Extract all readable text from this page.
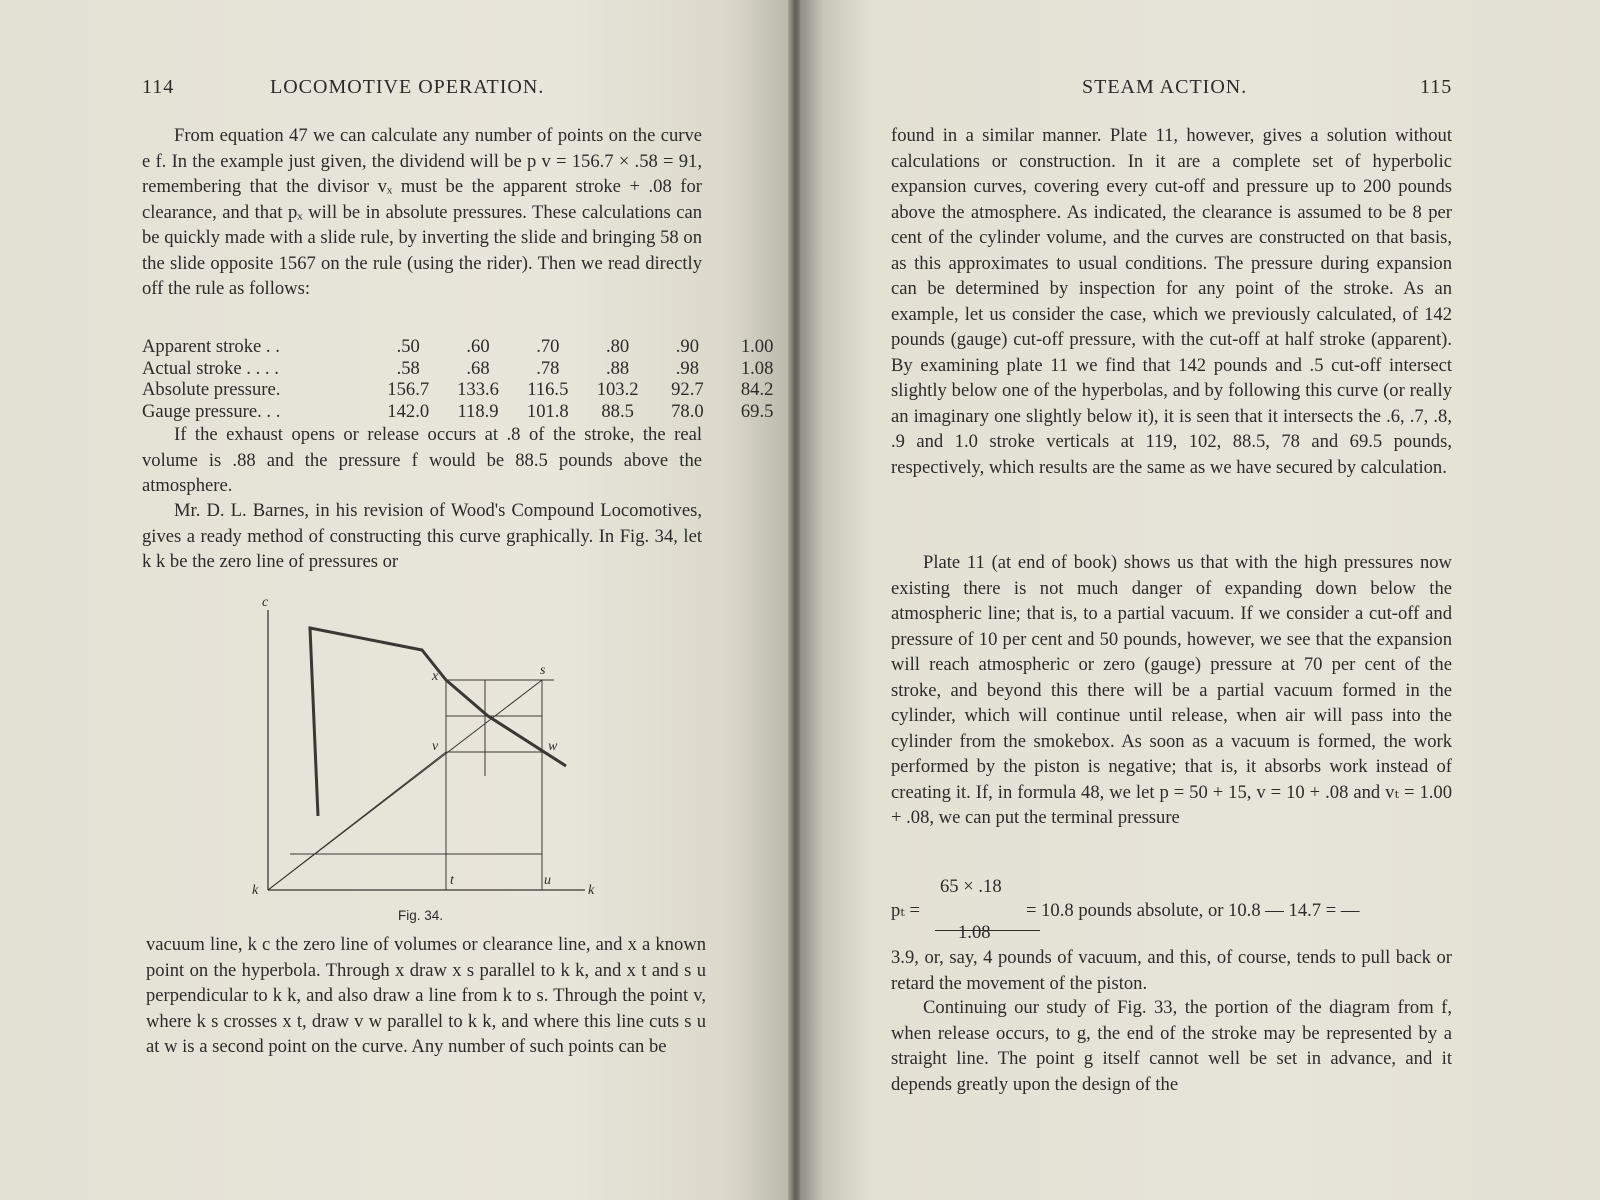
114	LOCOMOTIVE OPERATION.

From equation 47 we can calculate any number of points on the curve e f. In the example just given, the dividend will be p v = 156.7 × .58 = 91, remembering that the divisor vₓ must be the apparent stroke + .08 for clearance, and that pₓ will be in absolute pressures. These calculations can be quickly made with a slide rule, by inverting the slide and bringing 58 on the slide opposite 1567 on the rule (using the rider). Then we read directly off the rule as follows:

Apparent stroke . .	.50	.60	.70	.80	.90	1.00
Actual stroke . . . .	.58	.68	.78	.88	.98	1.08
Absolute pressure.	156.7	133.6	116.5	103.2	92.7	84.2
Gauge pressure. . .	142.0	118.9	101.8	88.5	78.0	69.5

If the exhaust opens or release occurs at .8 of the stroke, the real volume is .88 and the pressure f would be 88.5 pounds above the atmosphere.

Mr. D. L. Barnes, in his revision of Wood's Compound Locomotives, gives a ready method of constructing this curve graphically. In Fig. 34, let k k be the zero line of pressures or

c
x	s
v	w
k
t	u
k
Fig. 34.

vacuum line, k c the zero line of volumes or clearance line, and x a known point on the hyperbola. Through x draw x s parallel to k k, and x t and s u perpendicular to k k, and also draw a line from k to s. Through the point v, where k s crosses x t, draw v w parallel to k k, and where this line cuts s u at w is a second point on the curve. Any number of such points can be

STEAM ACTION.	115

found in a similar manner. Plate 11, however, gives a solution without calculations or construction. In it are a complete set of hyperbolic expansion curves, covering every cut-off and pressure up to 200 pounds above the atmosphere. As indicated, the clearance is assumed to be 8 per cent of the cylinder volume, and the curves are constructed on that basis, as this approximates to usual conditions. The pressure during expansion can be determined by inspection for any point of the stroke. As an example, let us consider the case, which we previously calculated, of 142 pounds (gauge) cut-off pressure, with the cut-off at half stroke (apparent). By examining plate 11 we find that 142 pounds and .5 cut-off intersect slightly below one of the hyperbolas, and by following this curve (or really an imaginary one slightly below it), it is seen that it intersects the .6, .7, .8, .9 and 1.0 stroke verticals at 119, 102, 88.5, 78 and 69.5 pounds, respectively, which results are the same as we have secured by calculation.

Plate 11 (at end of book) shows us that with the high pressures now existing there is not much danger of expanding down below the atmospheric line; that is, to a partial vacuum. If we consider a cut-off and pressure of 10 per cent and 50 pounds, however, we see that the expansion will reach atmospheric or zero (gauge) pressure at 70 per cent of the stroke, and beyond this there will be a partial vacuum formed in the cylinder, which will continue until release, when air will pass into the cylinder from the smokebox. As soon as a vacuum is formed, the work performed by the piston is negative; that is, it absorbs work instead of creating it. If, in formula 48, we let p = 50 + 15, v = 10 + .08 and vₜ = 1.00 + .08, we can put the terminal pressure

65 × .18
pₜ =	= 10.8 pounds absolute, or 10.8 — 14.7 = —
1.08

3.9, or, say, 4 pounds of vacuum, and this, of course, tends to pull back or retard the movement of the piston.

Continuing our study of Fig. 33, the portion of the diagram from f, when release occurs, to g, the end of the stroke may be represented by a straight line. The point g itself cannot well be set in advance, and it depends greatly upon the design of the
